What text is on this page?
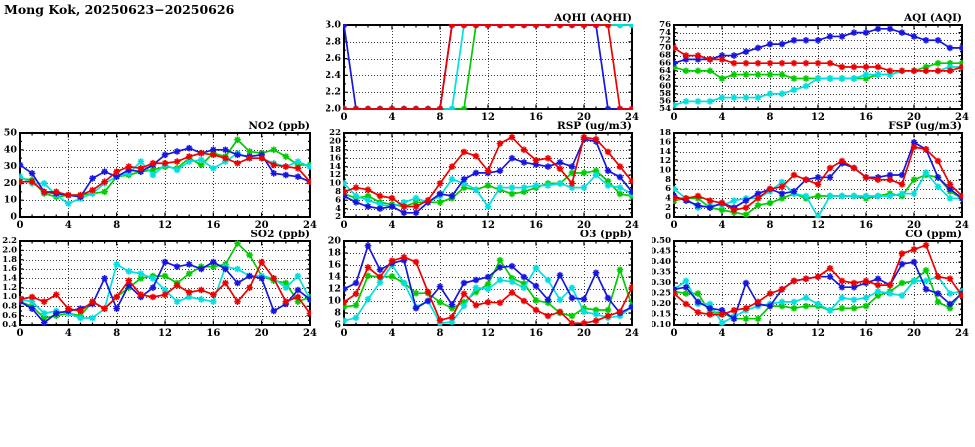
Mong Kok, 20250623−20250626
